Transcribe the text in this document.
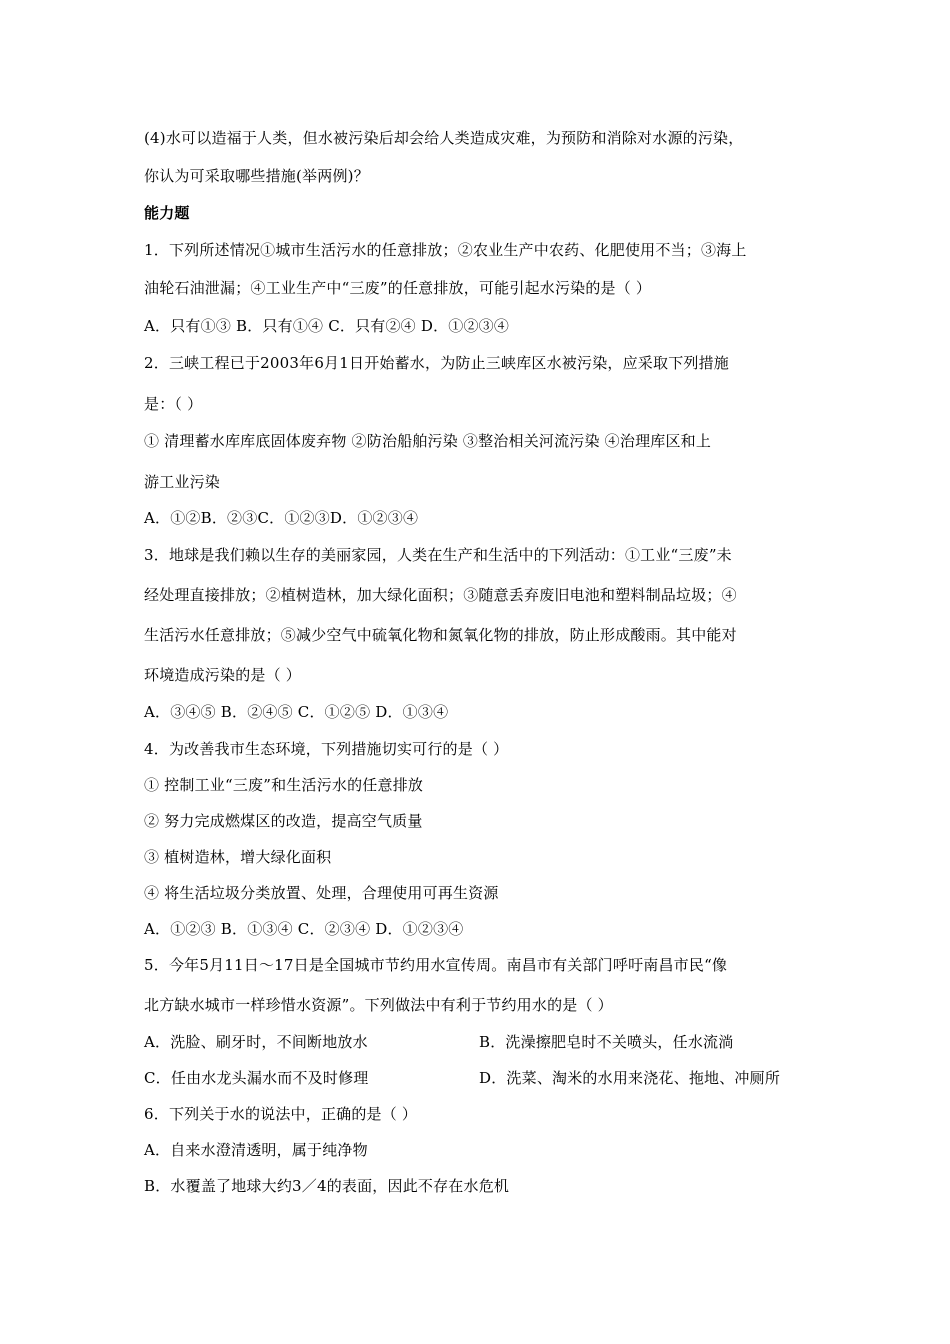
(4)水可以造福于人类，但水被污染后却会给人类造成灾难，为预防和消除对水源的污染，
你认为可采取哪些措施(举两例)？
能力题
1．下列所述情况①城市生活污水的任意排放；②农业生产中农药、化肥使用不当；③海上
油轮石油泄漏；④工业生产中“三废”的任意排放，可能引起水污染的是（ ）
A．只有①③ B．只有①④ C．只有②④ D．①②③④
2．三峡工程已于2003年6月1日开始蓄水，为防止三峡库区水被污染，应采取下列措施
是：（ ）
① 清理蓄水库库底固体废弃物 ②防治船舶污染 ③整治相关河流污染 ④治理库区和上
游工业污染
A．①②B．②③C．①②③D．①②③④
3．地球是我们赖以生存的美丽家园，人类在生产和生活中的下列活动：①工业“三废”未
经处理直接排放；②植树造林，加大绿化面积；③随意丢弃废旧电池和塑料制品垃圾；④
生活污水任意排放；⑤减少空气中硫氧化物和氮氧化物的排放，防止形成酸雨。其中能对
环境造成污染的是（ ）
A．③④⑤ B．②④⑤ C．①②⑤ D．①③④
4．为改善我市生态环境，下列措施切实可行的是（ ）
① 控制工业“三废”和生活污水的任意排放
② 努力完成燃煤区的改造，提高空气质量
③ 植树造林，增大绿化面积
④ 将生活垃圾分类放置、处理，合理使用可再生资源
A．①②③ B．①③④ C．②③④ D．①②③④
5．今年5月11日～17日是全国城市节约用水宣传周。南昌市有关部门呼吁南昌市民“像
北方缺水城市一样珍惜水资源”。下列做法中有利于节约用水的是（ ）
A．洗脸、刷牙时，不间断地放水	B．洗澡擦肥皂时不关喷头，任水流淌
C．任由水龙头漏水而不及时修理	D．洗菜、淘米的水用来浇花、拖地、冲厕所
6．下列关于水的说法中，正确的是（ ）
A．自来水澄清透明，属于纯净物
B．水覆盖了地球大约3／4的表面，因此不存在水危机
